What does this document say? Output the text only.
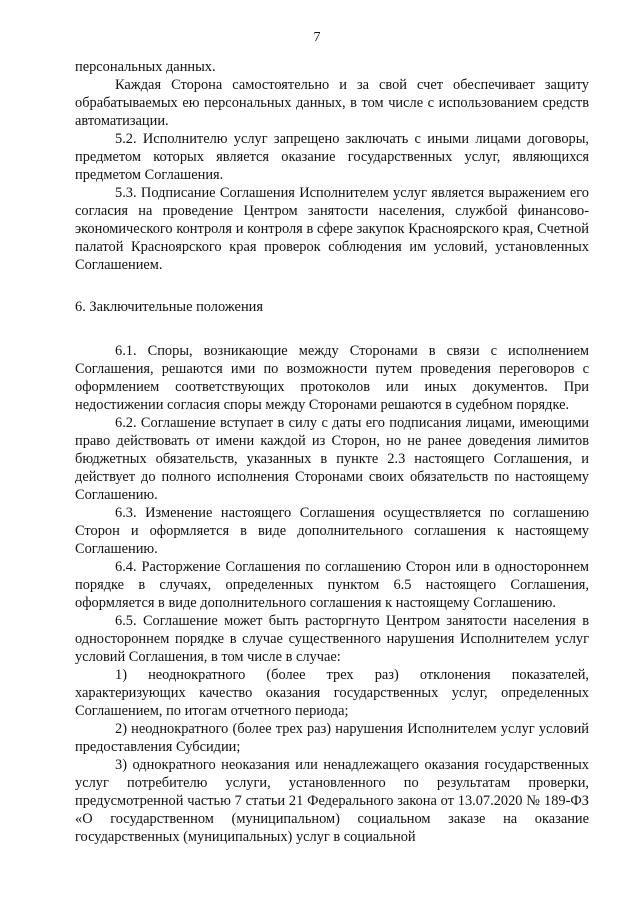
7
персональных данных.
Каждая Сторона самостоятельно и за свой счет обеспечивает защиту обрабатываемых ею персональных данных, в том числе с использованием средств автоматизации.
5.2. Исполнителю услуг запрещено заключать с иными лицами договоры, предметом которых является оказание государственных услуг, являющихся предметом Соглашения.
5.3. Подписание Соглашения Исполнителем услуг является выражением его согласия на проведение Центром занятости населения, службой финансово-экономического контроля и контроля в сфере закупок Красноярского края, Счетной палатой Красноярского края проверок соблюдения им условий, установленных Соглашением.
6. Заключительные положения
6.1. Споры, возникающие между Сторонами в связи с исполнением Соглашения, решаются ими по возможности путем проведения переговоров с оформлением соответствующих протоколов или иных документов. При недостижении согласия споры между Сторонами решаются в судебном порядке.
6.2. Соглашение вступает в силу с даты его подписания лицами, имеющими право действовать от имени каждой из Сторон, но не ранее доведения лимитов бюджетных обязательств, указанных в пункте 2.3 настоящего Соглашения, и действует до полного исполнения Сторонами своих обязательств по настоящему Соглашению.
6.3. Изменение настоящего Соглашения осуществляется по соглашению Сторон и оформляется в виде дополнительного соглашения к настоящему Соглашению.
6.4. Расторжение Соглашения по соглашению Сторон или в одностороннем порядке в случаях, определенных пунктом 6.5 настоящего Соглашения, оформляется в виде дополнительного соглашения к настоящему Соглашению.
6.5. Соглашение может быть расторгнуто Центром занятости населения в одностороннем порядке в случае существенного нарушения Исполнителем услуг условий Соглашения, в том числе в случае:
1) неоднократного (более трех раз) отклонения показателей, характеризующих качество оказания государственных услуг, определенных Соглашением, по итогам отчетного периода;
2) неоднократного (более трех раз) нарушения Исполнителем услуг условий предоставления Субсидии;
3) однократного неоказания или ненадлежащего оказания государственных услуг потребителю услуги, установленного по результатам проверки, предусмотренной частью 7 статьи 21 Федерального закона от 13.07.2020 № 189-ФЗ «О государственном (муниципальном) социальном заказе на оказание государственных (муниципальных) услуг в социальной
